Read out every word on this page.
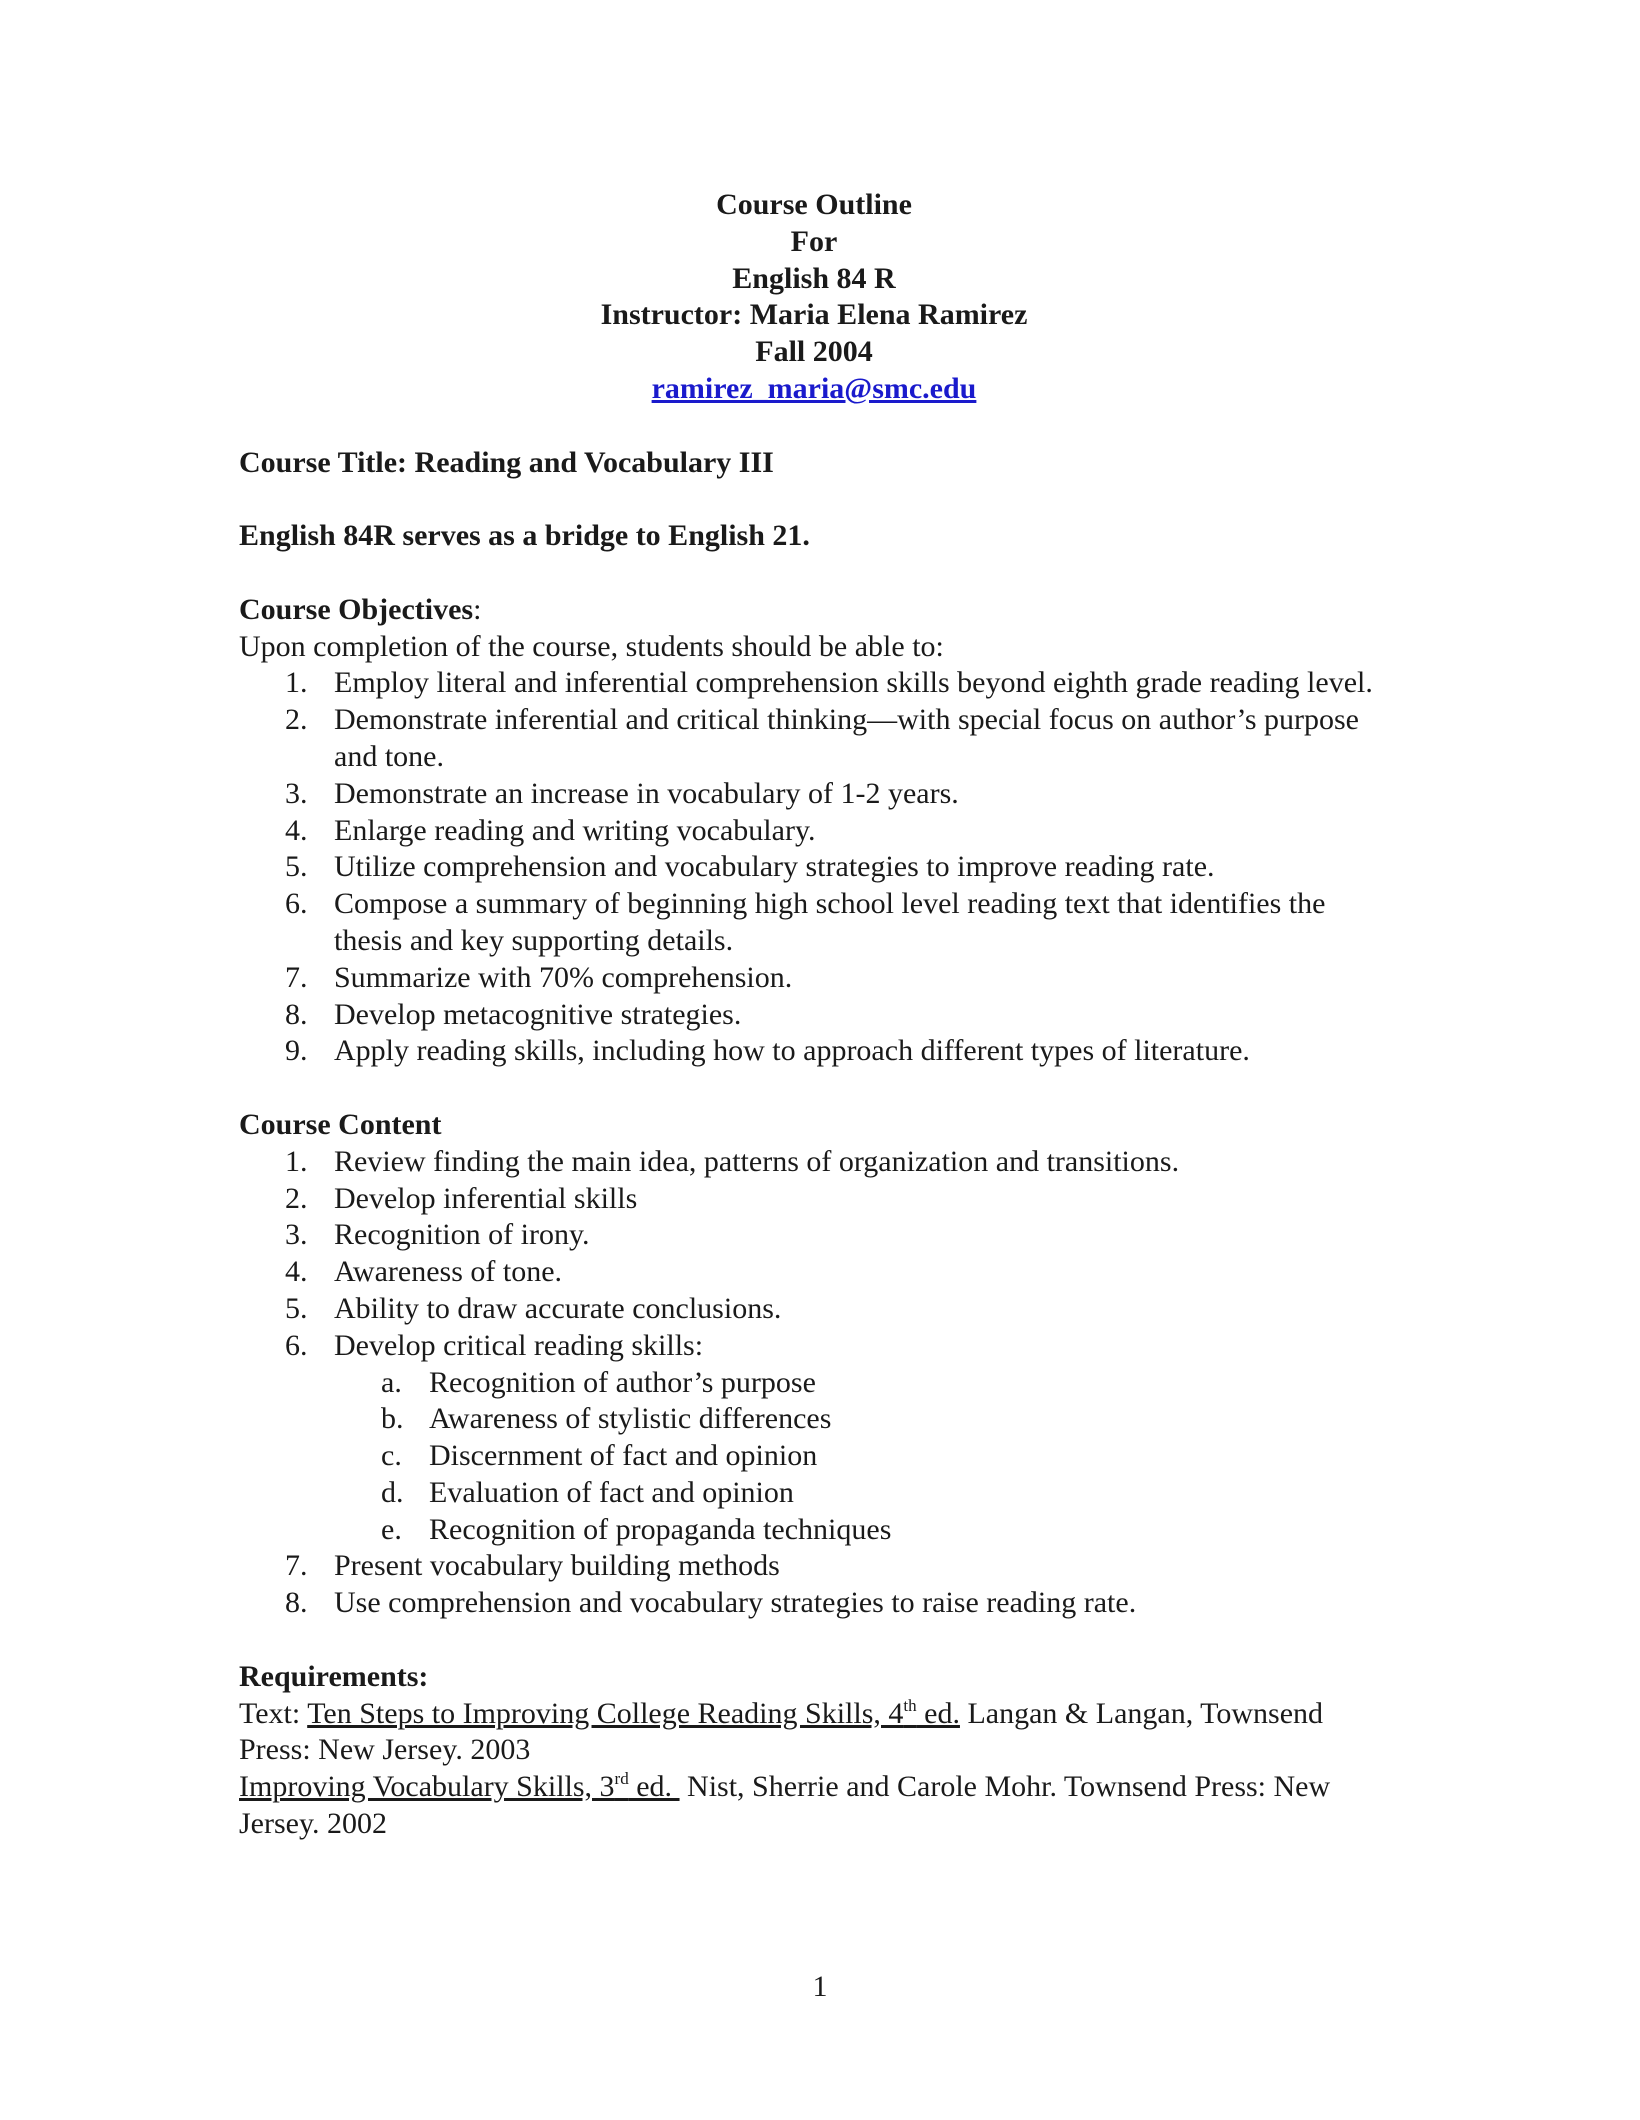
Course Outline
For
English 84 R
Instructor: Maria Elena Ramirez
Fall 2004
ramirez_maria@smc.edu
Course Title: Reading and Vocabulary III
English 84R serves as a bridge to English 21.
Course Objectives:
Upon completion of the course, students should be able to:
1. Employ literal and inferential comprehension skills beyond eighth grade reading level.
2. Demonstrate inferential and critical thinking—with special focus on author’s purpose and tone.
3. Demonstrate an increase in vocabulary of 1-2 years.
4. Enlarge reading and writing vocabulary.
5. Utilize comprehension and vocabulary strategies to improve reading rate.
6. Compose a summary of beginning high school level reading text that identifies the thesis and key supporting details.
7. Summarize with 70% comprehension.
8. Develop metacognitive strategies.
9. Apply reading skills, including how to approach different types of literature.
Course Content
1. Review finding the main idea, patterns of organization and transitions.
2. Develop inferential skills
3. Recognition of irony.
4. Awareness of tone.
5. Ability to draw accurate conclusions.
6. Develop critical reading skills:
a. Recognition of author’s purpose
b. Awareness of stylistic differences
c. Discernment of fact and opinion
d. Evaluation of fact and opinion
e. Recognition of propaganda techniques
7. Present vocabulary building methods
8. Use comprehension and vocabulary strategies to raise reading rate.
Requirements:
Text: Ten Steps to Improving College Reading Skills, 4th ed. Langan & Langan, Townsend Press: New Jersey. 2003
Improving Vocabulary Skills, 3rd ed.  Nist, Sherrie and Carole Mohr. Townsend Press: New Jersey. 2002
1
